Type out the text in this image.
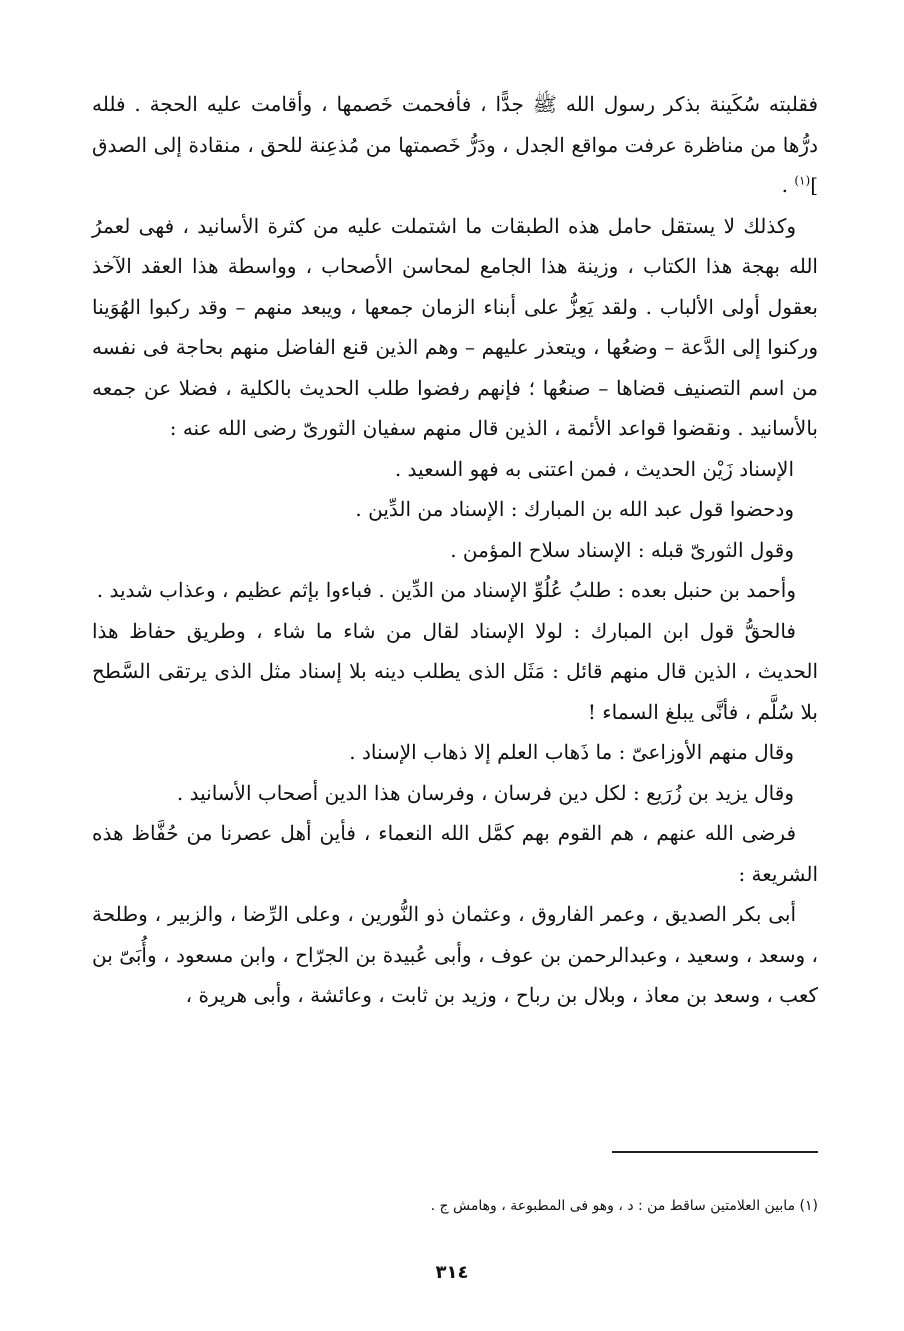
فقلبته سُكَينة بذكر رسول الله ﷺ جدًّا ، فأفحمت خَصمها ، وأقامت عليه الحجة . فلله درُّها من مناظرة عرفت مواقع الجدل ، ودَرُّ خَصمتها من مُذعِنة للحق ، منقادة إلى الصدق ]$^{(١)}$ .

وكذلك لا يستقل حامل هذه الطبقات ما اشتملت عليه من كثرة الأسانيد ، فهى لعمرُ الله بهجة هذا الكتاب ، وزينة هذا الجامع لمحاسن الأصحاب ، وواسطة هذا العقد الآخذ بعقول أولى الألباب . ولقد يَعِزُّ على أبناء الزمان جمعها ، ويبعد منهم – وقد ركبوا الهُوَينا وركنوا إلى الدَّعة – وضعُها ، ويتعذر عليهم – وهم الذين قنع الفاضل منهم بحاجة فى نفسه من اسم التصنيف قضاها – صنعُها ؛ فإنهم رفضوا طلب الحديث بالكلية ، فضلا عن جمعه بالأسانيد . ونقضوا قواعد الأئمة ، الذين قال منهم سفيان الثورىّ رضى الله عنه :

الإسناد زَيْن الحديث ، فمن اعتنى به فهو السعيد .

ودحضوا قول عبد الله بن المبارك : الإسناد من الدِّين .

وقول الثورىّ قبله : الإسناد سلاح المؤمن .

وأحمد بن حنبل بعده : طلبُ عُلُوِّ الإسناد من الدِّين . فباءوا بإثم عظيم ، وعذاب شديد .

فالحقُّ قول ابن المبارك : لولا الإسناد لقال من شاء ما شاء ، وطريق حفاظ هذا الحديث ، الذين قال منهم قائل : مَثَل الذى يطلب دينه بلا إسناد مثل الذى يرتقى السَّطح بلا سُلَّم ، فأنَّى يبلغ السماء !

وقال منهم الأوزاعىّ : ما ذَهاب العلم إلا ذهاب الإسناد .

وقال يزيد بن زُرَيع : لكل دين فرسان ، وفرسان هذا الدين أصحاب الأسانيد .

فرضى الله عنهم ، هم القوم بهم كمَّل الله النعماء ، فأين أهل عصرنا من حُفَّاظ هذه الشريعة :

أبى بكر الصديق ، وعمر الفاروق ، وعثمان ذو النُّورين ، وعلى الرِّضا ، والزبير ، وطلحة ، وسعد ، وسعيد ، وعبدالرحمن بن عوف ، وأبى عُبيدة بن الجرّاح ، وابن مسعود ، وأُبَىّ بن كعب ، وسعد بن معاذ ، وبلال بن رباح ، وزيد بن ثابت ، وعائشة ، وأبى هريرة ،

(١) مابين العلامتين ساقط من : د ، وهو فى المطبوعة ، وهامش ج .
٣١٤
